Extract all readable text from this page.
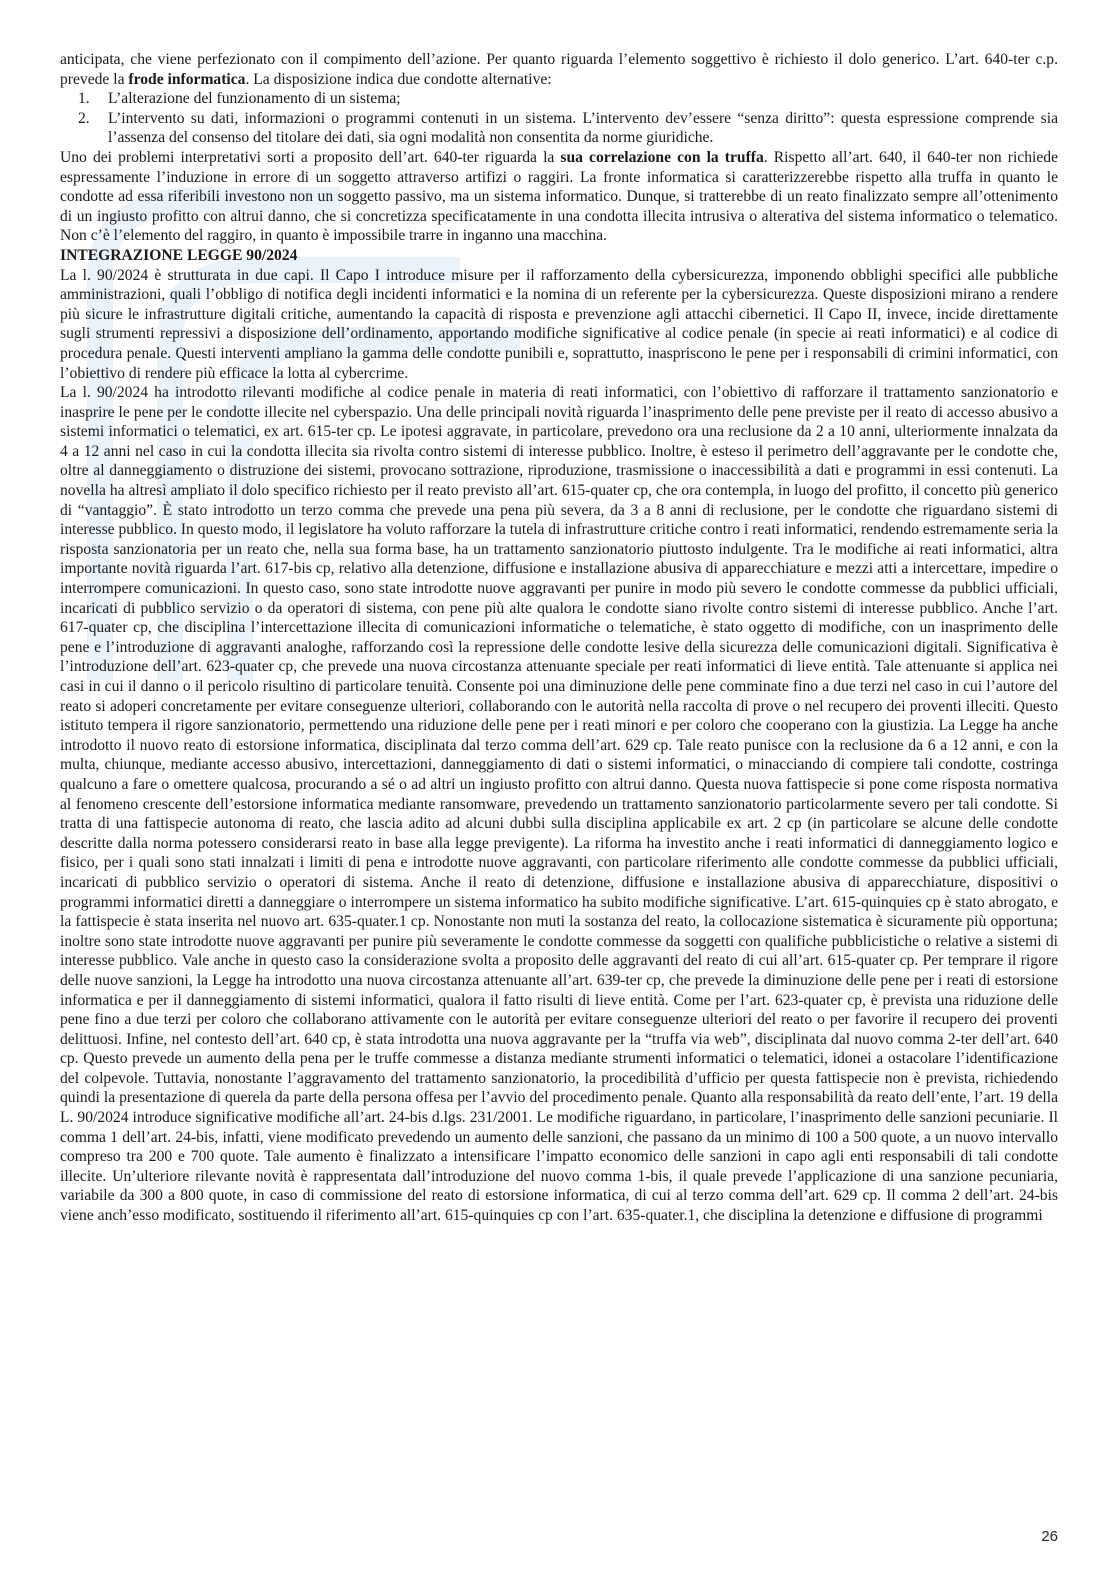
anticipata, che viene perfezionato con il compimento dell’azione. Per quanto riguarda l’elemento soggettivo è richiesto il dolo generico. L’art. 640-ter c.p. prevede la frode informatica. La disposizione indica due condotte alternative:

1. L’alterazione del funzionamento di un sistema;
2. L’intervento su dati, informazioni o programmi contenuti in un sistema. L’intervento dev’essere “senza diritto”: questa espressione comprende sia l’assenza del consenso del titolare dei dati, sia ogni modalità non consentita da norme giuridiche.

Uno dei problemi interpretativi sorti a proposito dell’art. 640-ter riguarda la sua correlazione con la truffa. Rispetto all’art. 640, il 640-ter non richiede espressamente l’induzione in errore di un soggetto attraverso artifizi o raggiri. La fronte informatica si caratterizzerebbe rispetto alla truffa in quanto le condotte ad essa riferibili investono non un soggetto passivo, ma un sistema informatico. Dunque, si tratterebbe di un reato finalizzato sempre all’ottenimento di un ingiusto profitto con altrui danno, che si concretizza specificatamente in una condotta illecita intrusiva o alterativa del sistema informatico o telematico. Non c’è l’elemento del raggiro, in quanto è impossibile trarre in inganno una macchina.

INTEGRAZIONE LEGGE 90/2024

La l. 90/2024 è strutturata in due capi. Il Capo I introduce misure per il rafforzamento della cybersicurezza, imponendo obblighi specifici alle pubbliche amministrazioni, quali l’obbligo di notifica degli incidenti informatici e la nomina di un referente per la cybersicurezza. Queste disposizioni mirano a rendere più sicure le infrastrutture digitali critiche, aumentando la capacità di risposta e prevenzione agli attacchi cibernetici. Il Capo II, invece, incide direttamente sugli strumenti repressivi a disposizione dell’ordinamento, apportando modifiche significative al codice penale (in specie ai reati informatici) e al codice di procedura penale. Questi interventi ampliano la gamma delle condotte punibili e, soprattutto, inaspriscono le pene per i responsabili di crimini informatici, con l’obiettivo di rendere più efficace la lotta al cybercrime.

La l. 90/2024 ha introdotto rilevanti modifiche al codice penale in materia di reati informatici, con l’obiettivo di rafforzare il trattamento sanzionatorio e inasprire le pene per le condotte illecite nel cyberspazio. Una delle principali novità riguarda l’inasprimento delle pene previste per il reato di accesso abusivo a sistemi informatici o telematici, ex art. 615-ter cp. Le ipotesi aggravate, in particolare, prevedono ora una reclusione da 2 a 10 anni, ulteriormente innalzata da 4 a 12 anni nel caso in cui la condotta illecita sia rivolta contro sistemi di interesse pubblico. Inoltre, è esteso il perimetro dell’aggravante per le condotte che, oltre al danneggiamento o distruzione dei sistemi, provocano sottrazione, riproduzione, trasmissione o inaccessibilità a dati e programmi in essi contenuti. La novella ha altresì ampliato il dolo specifico richiesto per il reato previsto all’art. 615-quater cp, che ora contempla, in luogo del profitto, il concetto più generico di “vantaggio”. È stato introdotto un terzo comma che prevede una pena più severa, da 3 a 8 anni di reclusione, per le condotte che riguardano sistemi di interesse pubblico. In questo modo, il legislatore ha voluto rafforzare la tutela di infrastrutture critiche contro i reati informatici, rendendo estremamente seria la risposta sanzionatoria per un reato che, nella sua forma base, ha un trattamento sanzionatorio piuttosto indulgente. Tra le modifiche ai reati informatici, altra importante novità riguarda l’art. 617-bis cp, relativo alla detenzione, diffusione e installazione abusiva di apparecchiature e mezzi atti a intercettare, impedire o interrompere comunicazioni. In questo caso, sono state introdotte nuove aggravanti per punire in modo più severo le condotte commesse da pubblici ufficiali, incaricati di pubblico servizio o da operatori di sistema, con pene più alte qualora le condotte siano rivolte contro sistemi di interesse pubblico. Anche l’art. 617-quater cp, che disciplina l’intercettazione illecita di comunicazioni informatiche o telematiche, è stato oggetto di modifiche, con un inasprimento delle pene e l’introduzione di aggravanti analoghe, rafforzando così la repressione delle condotte lesive della sicurezza delle comunicazioni digitali. Significativa è l’introduzione dell’art. 623-quater cp, che prevede una nuova circostanza attenuante speciale per reati informatici di lieve entità. Tale attenuante si applica nei casi in cui il danno o il pericolo risultino di particolare tenuità. Consente poi una diminuzione delle pene comminate fino a due terzi nel caso in cui l’autore del reato si adoperi concretamente per evitare conseguenze ulteriori, collaborando con le autorità nella raccolta di prove o nel recupero dei proventi illeciti. Questo istituto tempera il rigore sanzionatorio, permettendo una riduzione delle pene per i reati minori e per coloro che cooperano con la giustizia. La Legge ha anche introdotto il nuovo reato di estorsione informatica, disciplinata dal terzo comma dell’art. 629 cp. Tale reato punisce con la reclusione da 6 a 12 anni, e con la multa, chiunque, mediante accesso abusivo, intercettazioni, danneggiamento di dati o sistemi informatici, o minacciando di compiere tali condotte, costringa qualcuno a fare o omettere qualcosa, procurando a sé o ad altri un ingiusto profitto con altrui danno. Questa nuova fattispecie si pone come risposta normativa al fenomeno crescente dell’estorsione informatica mediante ransomware, prevedendo un trattamento sanzionatorio particolarmente severo per tali condotte. Si tratta di una fattispecie autonoma di reato, che lascia adito ad alcuni dubbi sulla disciplina applicabile ex art. 2 cp (in particolare se alcune delle condotte descritte dalla norma potessero considerarsi reato in base alla legge previgente). La riforma ha investito anche i reati informatici di danneggiamento logico e fisico, per i quali sono stati innalzati i limiti di pena e introdotte nuove aggravanti, con particolare riferimento alle condotte commesse da pubblici ufficiali, incaricati di pubblico servizio o operatori di sistema. Anche il reato di detenzione, diffusione e installazione abusiva di apparecchiature, dispositivi o programmi informatici diretti a danneggiare o interrompere un sistema informatico ha subito modifiche significative. L’art. 615-quinquies cp è stato abrogato, e la fattispecie è stata inserita nel nuovo art. 635-quater.1 cp. Nonostante non muti la sostanza del reato, la collocazione sistematica è sicuramente più opportuna; inoltre sono state introdotte nuove aggravanti per punire più severamente le condotte commesse da soggetti con qualifiche pubblicistiche o relative a sistemi di interesse pubblico. Vale anche in questo caso la considerazione svolta a proposito delle aggravanti del reato di cui all’art. 615-quater cp. Per temprare il rigore delle nuove sanzioni, la Legge ha introdotto una nuova circostanza attenuante all’art. 639-ter cp, che prevede la diminuzione delle pene per i reati di estorsione informatica e per il danneggiamento di sistemi informatici, qualora il fatto risulti di lieve entità. Come per l’art. 623-quater cp, è prevista una riduzione delle pene fino a due terzi per coloro che collaborano attivamente con le autorità per evitare conseguenze ulteriori del reato o per favorire il recupero dei proventi delittuosi. Infine, nel contesto dell’art. 640 cp, è stata introdotta una nuova aggravante per la “truffa via web”, disciplinata dal nuovo comma 2-ter dell’art. 640 cp. Questo prevede un aumento della pena per le truffe commesse a distanza mediante strumenti informatici o telematici, idonei a ostacolare l’identificazione del colpevole. Tuttavia, nonostante l’aggravamento del trattamento sanzionatorio, la procedibilità d’ufficio per questa fattispecie non è prevista, richiedendo quindi la presentazione di querela da parte della persona offesa per l’avvio del procedimento penale. Quanto alla responsabilità da reato dell’ente, l’art. 19 della L. 90/2024 introduce significative modifiche all’art. 24-bis d.lgs. 231/2001. Le modifiche riguardano, in particolare, l’inasprimento delle sanzioni pecuniarie. Il comma 1 dell’art. 24-bis, infatti, viene modificato prevedendo un aumento delle sanzioni, che passano da un minimo di 100 a 500 quote, a un nuovo intervallo compreso tra 200 e 700 quote. Tale aumento è finalizzato a intensificare l’impatto economico delle sanzioni in capo agli enti responsabili di tali condotte illecite. Un’ulteriore rilevante novità è rappresentata dall’introduzione del nuovo comma 1-bis, il quale prevede l’applicazione di una sanzione pecuniaria, variabile da 300 a 800 quote, in caso di commissione del reato di estorsione informatica, di cui al terzo comma dell’art. 629 cp. Il comma 2 dell’art. 24-bis viene anch’esso modificato, sostituendo il riferimento all’art. 615-quinquies cp con l’art. 635-quater.1, che disciplina la detenzione e diffusione di programmi

26
